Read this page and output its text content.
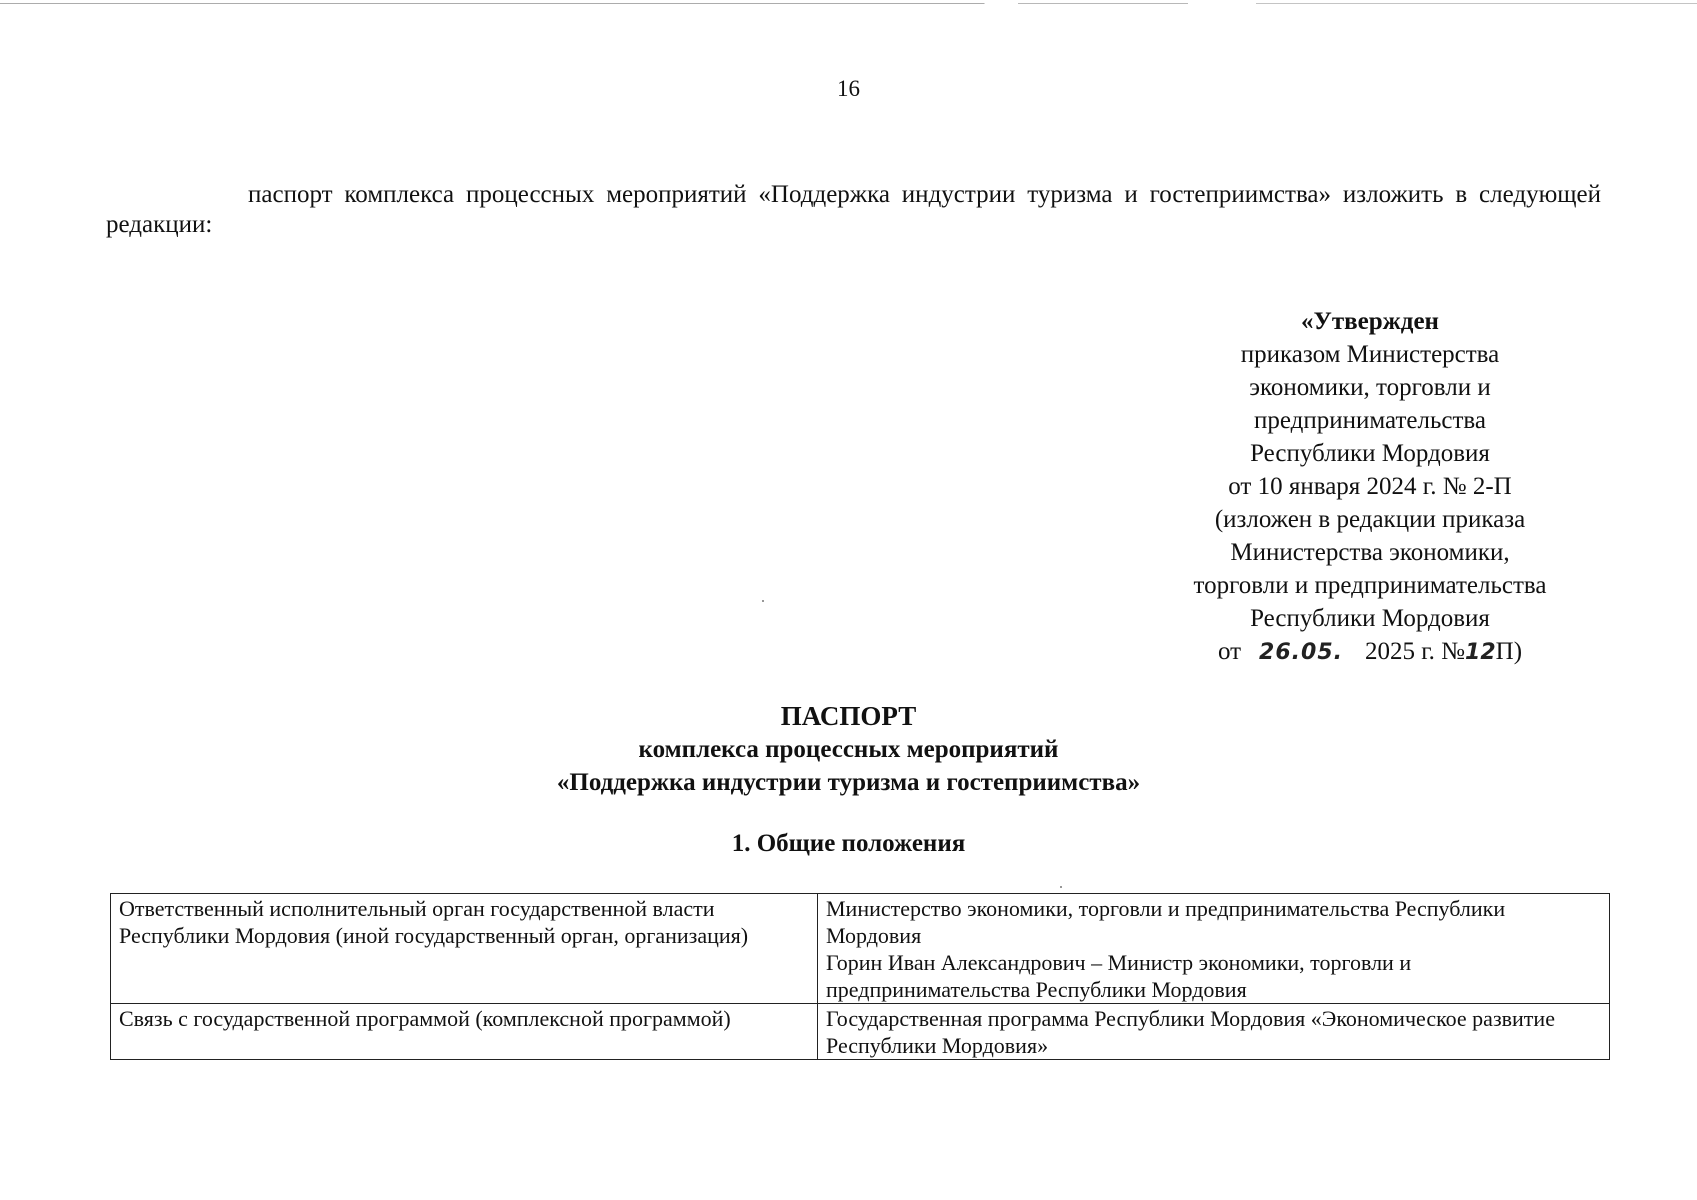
16
паспорт комплекса процессных мероприятий «Поддержка индустрии туризма и гостеприимства» изложить в следующей редакции:
«Утвержден
приказом Министерства
экономики, торговли и
предпринимательства
Республики Мордовия
от 10 января 2024 г. № 2-П
(изложен в редакции приказа
Министерства экономики,
торговли и предпринимательства
Республики Мордовия
от 26.05. 2025 г. №12П)
ПАСПОРТ
комплекса процессных мероприятий
«Поддержка индустрии туризма и гостеприимства»
1. Общие положения
Ответственный исполнительный орган государственной власти Республики Мордовия (иной государственный орган, организация)	Министерство экономики, торговли и предпринимательства Республики Мордовия
Горин Иван Александрович – Министр экономики, торговли и предпринимательства Республики Мордовия

Связь с государственной программой (комплексной программой)	Государственная программа Республики Мордовия «Экономическое развитие Республики Мордовия»
